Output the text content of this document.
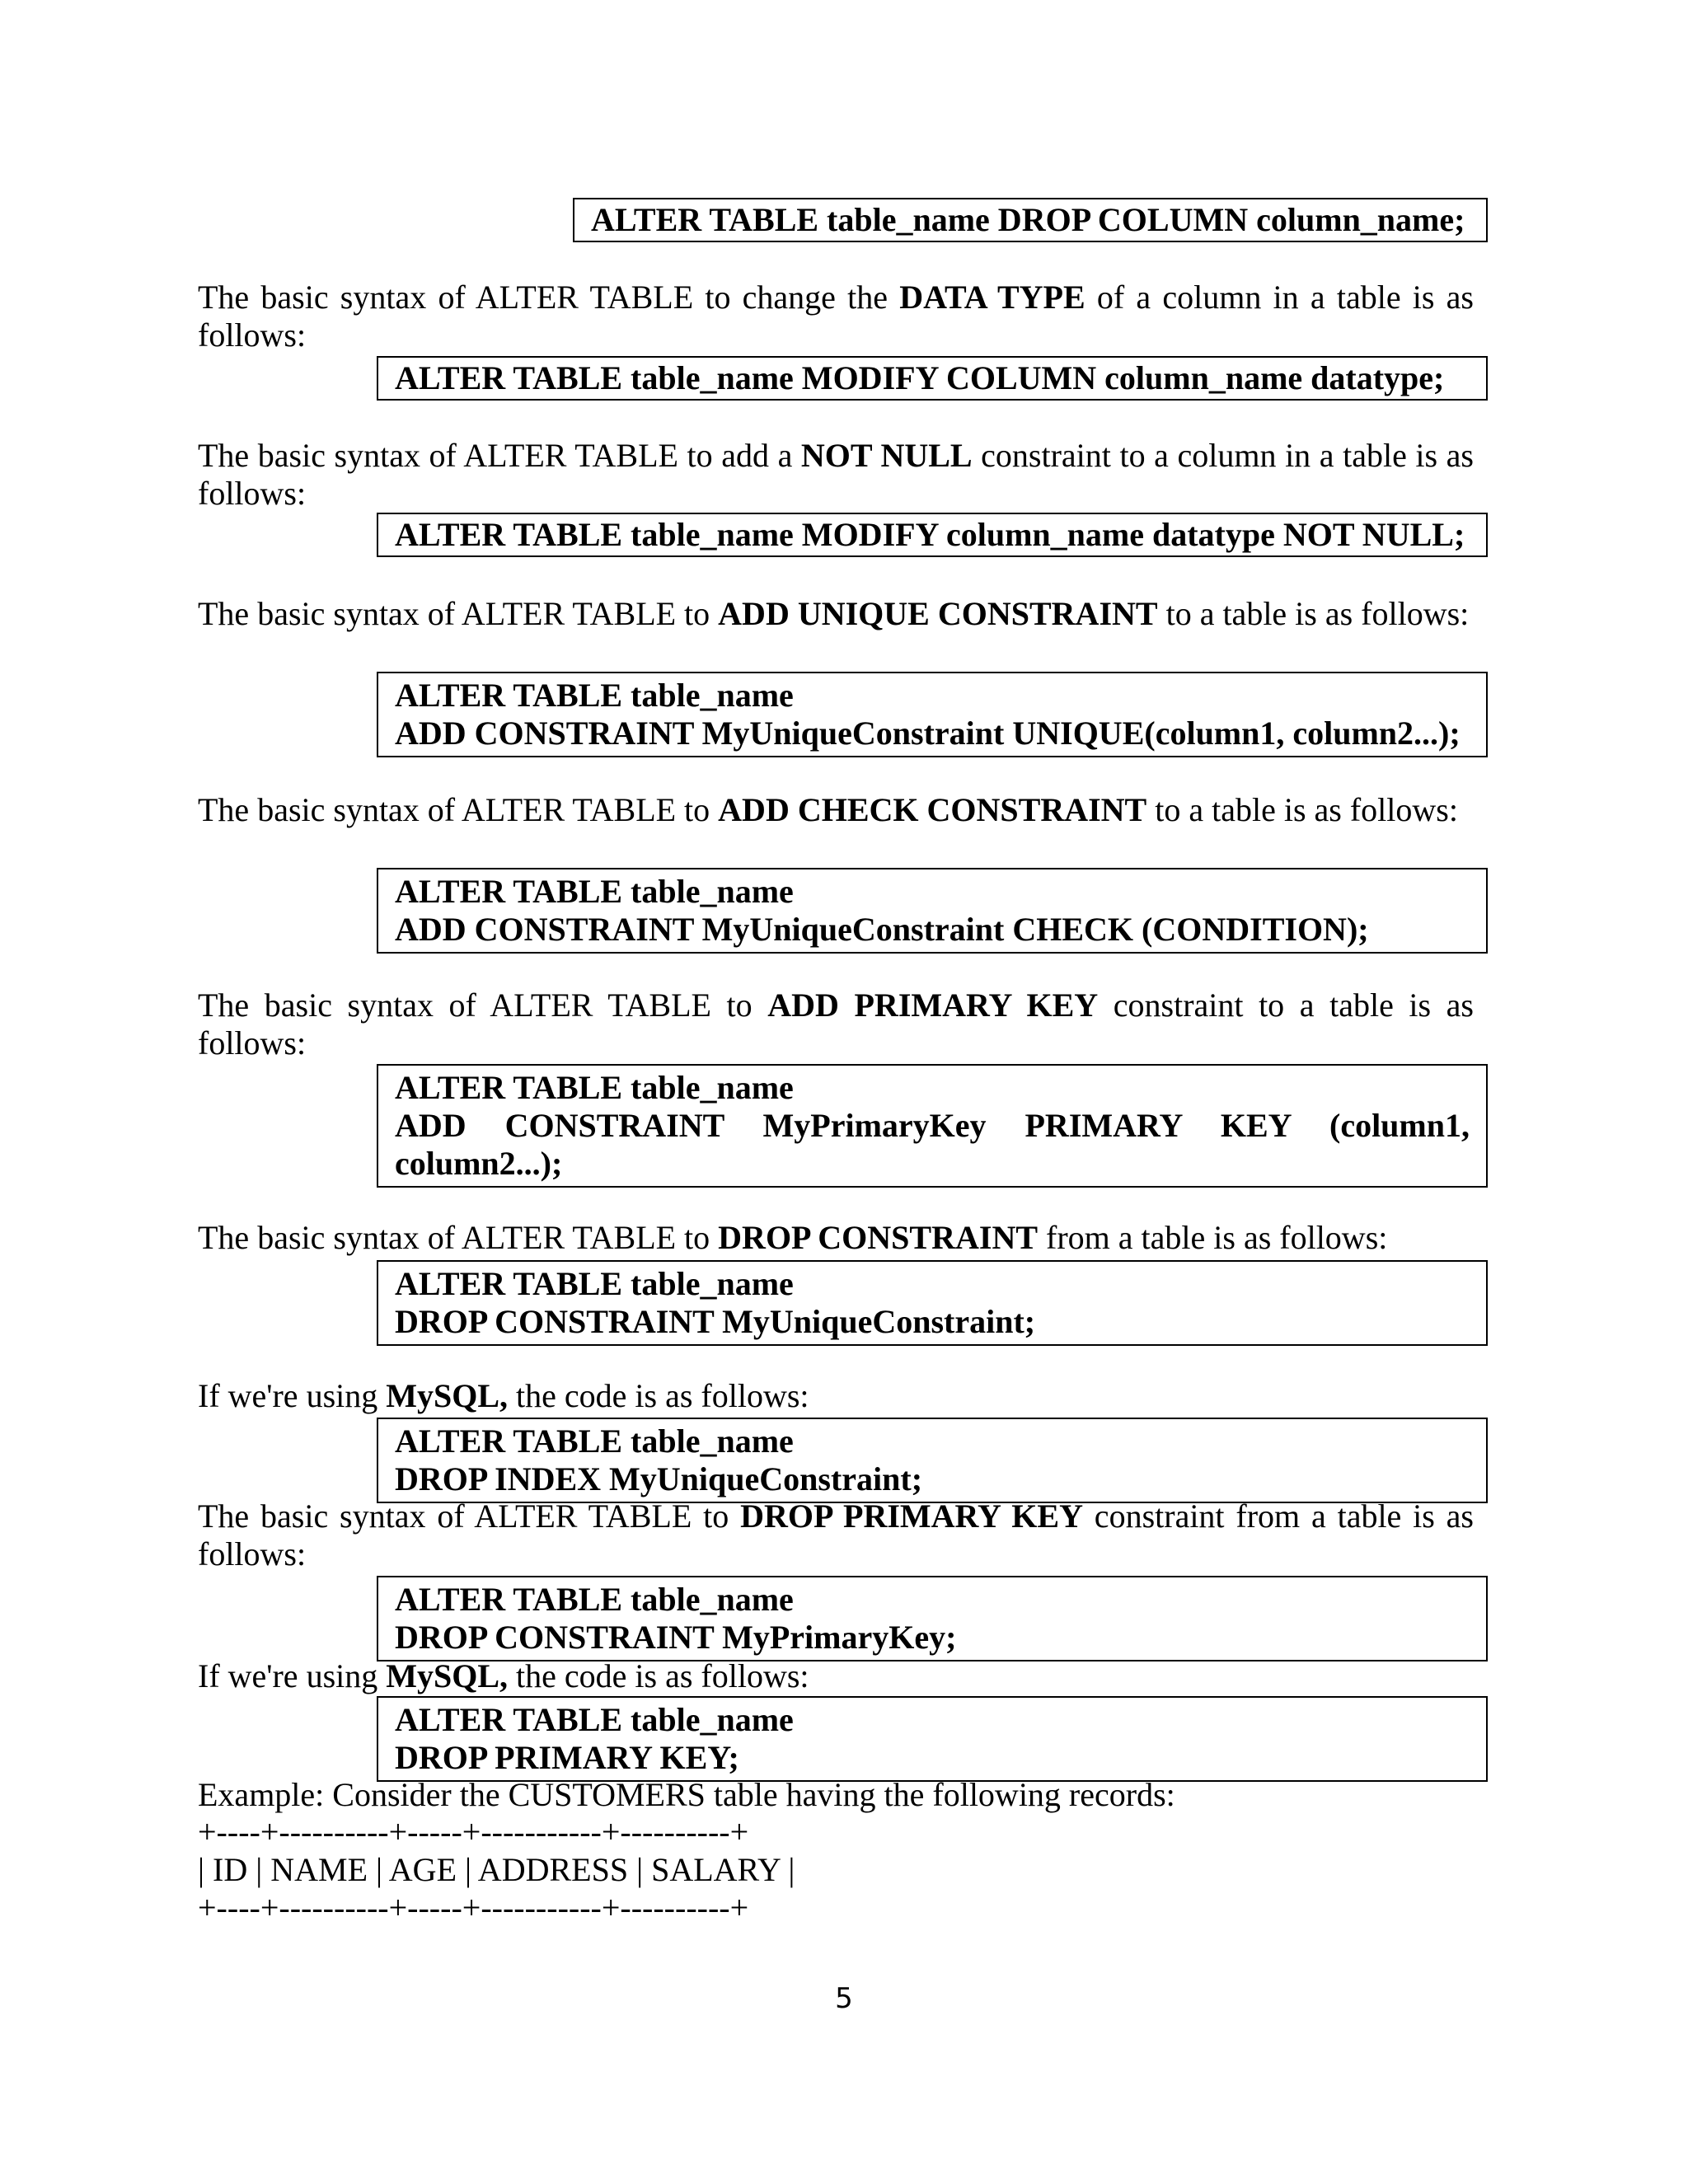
ALTER TABLE table_name DROP COLUMN column_name;
The basic syntax of ALTER TABLE to change the DATA TYPE of a column in a table is as follows:
ALTER TABLE table_name MODIFY COLUMN column_name datatype;
The basic syntax of ALTER TABLE to add a NOT NULL constraint to a column in a table is as follows:
ALTER TABLE table_name MODIFY column_name datatype NOT NULL;
The basic syntax of ALTER TABLE to ADD UNIQUE CONSTRAINT to a table is as follows:
ALTER TABLE table_name
ADD CONSTRAINT MyUniqueConstraint UNIQUE(column1, column2...);
The basic syntax of ALTER TABLE to ADD CHECK CONSTRAINT to a table is as follows:
ALTER TABLE table_name
ADD CONSTRAINT MyUniqueConstraint CHECK (CONDITION);
The basic syntax of ALTER TABLE to ADD PRIMARY KEY constraint to a table is as follows:
ALTER TABLE table_name
ADD CONSTRAINT MyPrimaryKey PRIMARY KEY (column1,
column2...);
The basic syntax of ALTER TABLE to DROP CONSTRAINT from a table is as follows:
ALTER TABLE table_name
DROP CONSTRAINT MyUniqueConstraint;
If we're using MySQL, the code is as follows:
ALTER TABLE table_name
DROP INDEX MyUniqueConstraint;
The basic syntax of ALTER TABLE to DROP PRIMARY KEY constraint from a table is as follows:
ALTER TABLE table_name
DROP CONSTRAINT MyPrimaryKey;
If we're using MySQL, the code is as follows:
ALTER TABLE table_name
DROP PRIMARY KEY;
Example: Consider the CUSTOMERS table having the following records:
+----+----------+-----+-----------+----------+
| ID | NAME | AGE | ADDRESS | SALARY |
+----+----------+-----+-----------+----------+
5
